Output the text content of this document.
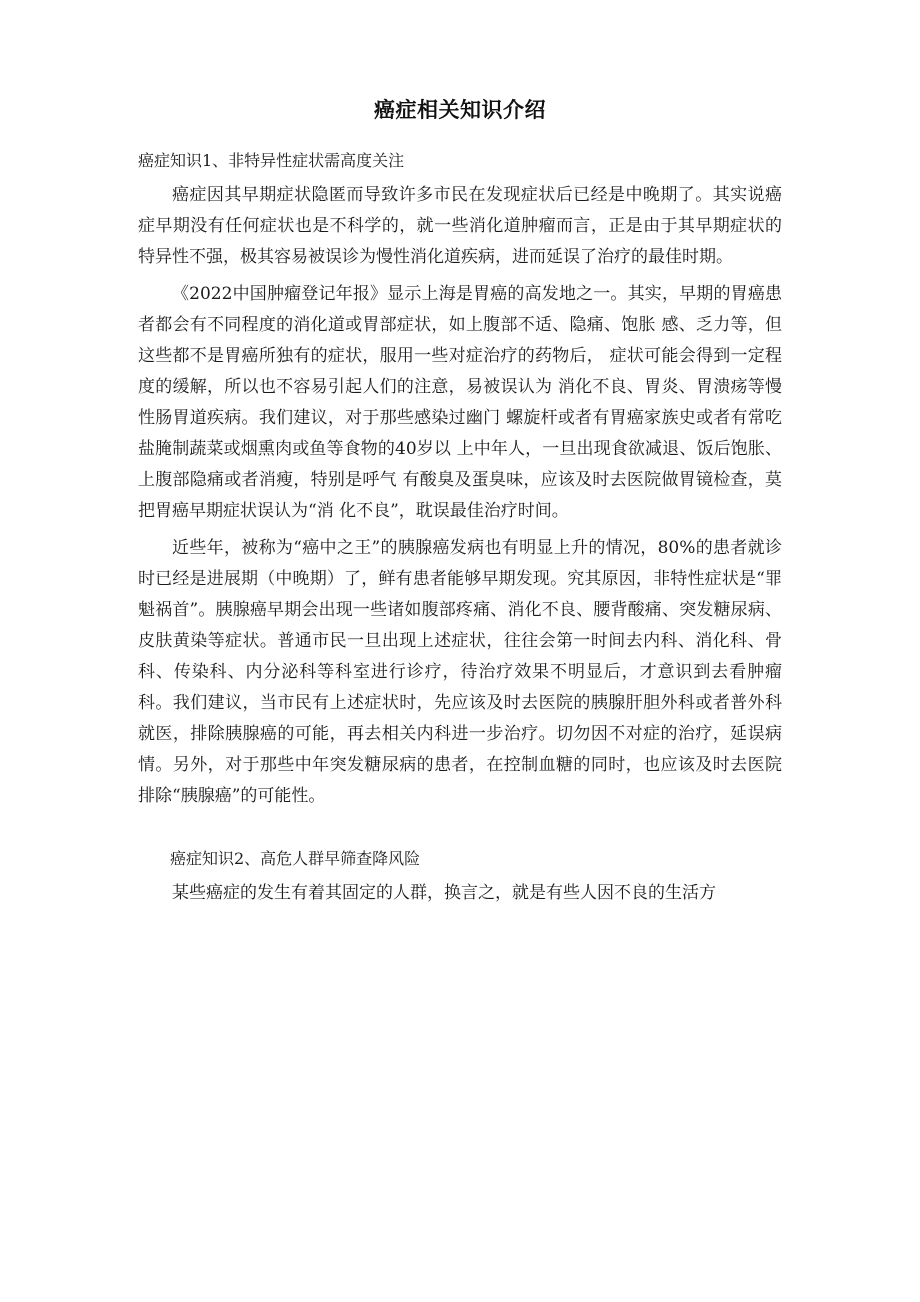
癌症相关知识介绍

癌症知识1、非特异性症状需高度关注

癌症因其早期症状隐匿而导致许多市民在发现症状后已经是中晚期了。其实说癌症早期没有任何症状也是不科学的，就一些消化道肿瘤而言，正是由于其早期症状的特异性不强，极其容易被误诊为慢性消化道疾病，进而延误了治疗的最佳时期。

《2022中国肿瘤登记年报》显示上海是胃癌的高发地之一。其实，早期的胃癌患者都会有不同程度的消化道或胃部症状，如上腹部不适、隐痛、饱胀 感、乏力等，但这些都不是胃癌所独有的症状，服用一些对症治疗的药物后， 症状可能会得到一定程度的缓解，所以也不容易引起人们的注意，易被误认为 消化不良、胃炎、胃溃疡等慢性肠胃道疾病。我们建议，对于那些感染过幽门 螺旋杆或者有胃癌家族史或者有常吃盐腌制蔬菜或烟熏肉或鱼等食物的40岁以 上中年人，一旦出现食欲减退、饭后饱胀、上腹部隐痛或者消瘦，特别是呼气 有酸臭及蛋臭味，应该及时去医院做胃镜检查，莫把胃癌早期症状误认为“消 化不良”，耽误最佳治疗时间。

近些年，被称为“癌中之王”的胰腺癌发病也有明显上升的情况，80%的患者就诊时已经是进展期（中晚期）了，鲜有患者能够早期发现。究其原因，非特性症状是“罪魁祸首”。胰腺癌早期会出现一些诸如腹部疼痛、消化不良、腰背酸痛、突发糖尿病、皮肤黄染等症状。普通市民一旦出现上述症状，往往会第一时间去内科、消化科、骨科、传染科、内分泌科等科室进行诊疗，待治疗效果不明显后，才意识到去看肿瘤科。我们建议，当市民有上述症状时，先应该及时去医院的胰腺肝胆外科或者普外科就医，排除胰腺癌的可能，再去相关内科进一步治疗。切勿因不对症的治疗，延误病情。另外，对于那些中年突发糖尿病的患者，在控制血糖的同时，也应该及时去医院排除“胰腺癌”的可能性。

癌症知识2、高危人群早筛查降风险

某些癌症的发生有着其固定的人群，换言之，就是有些人因不良的生活方
